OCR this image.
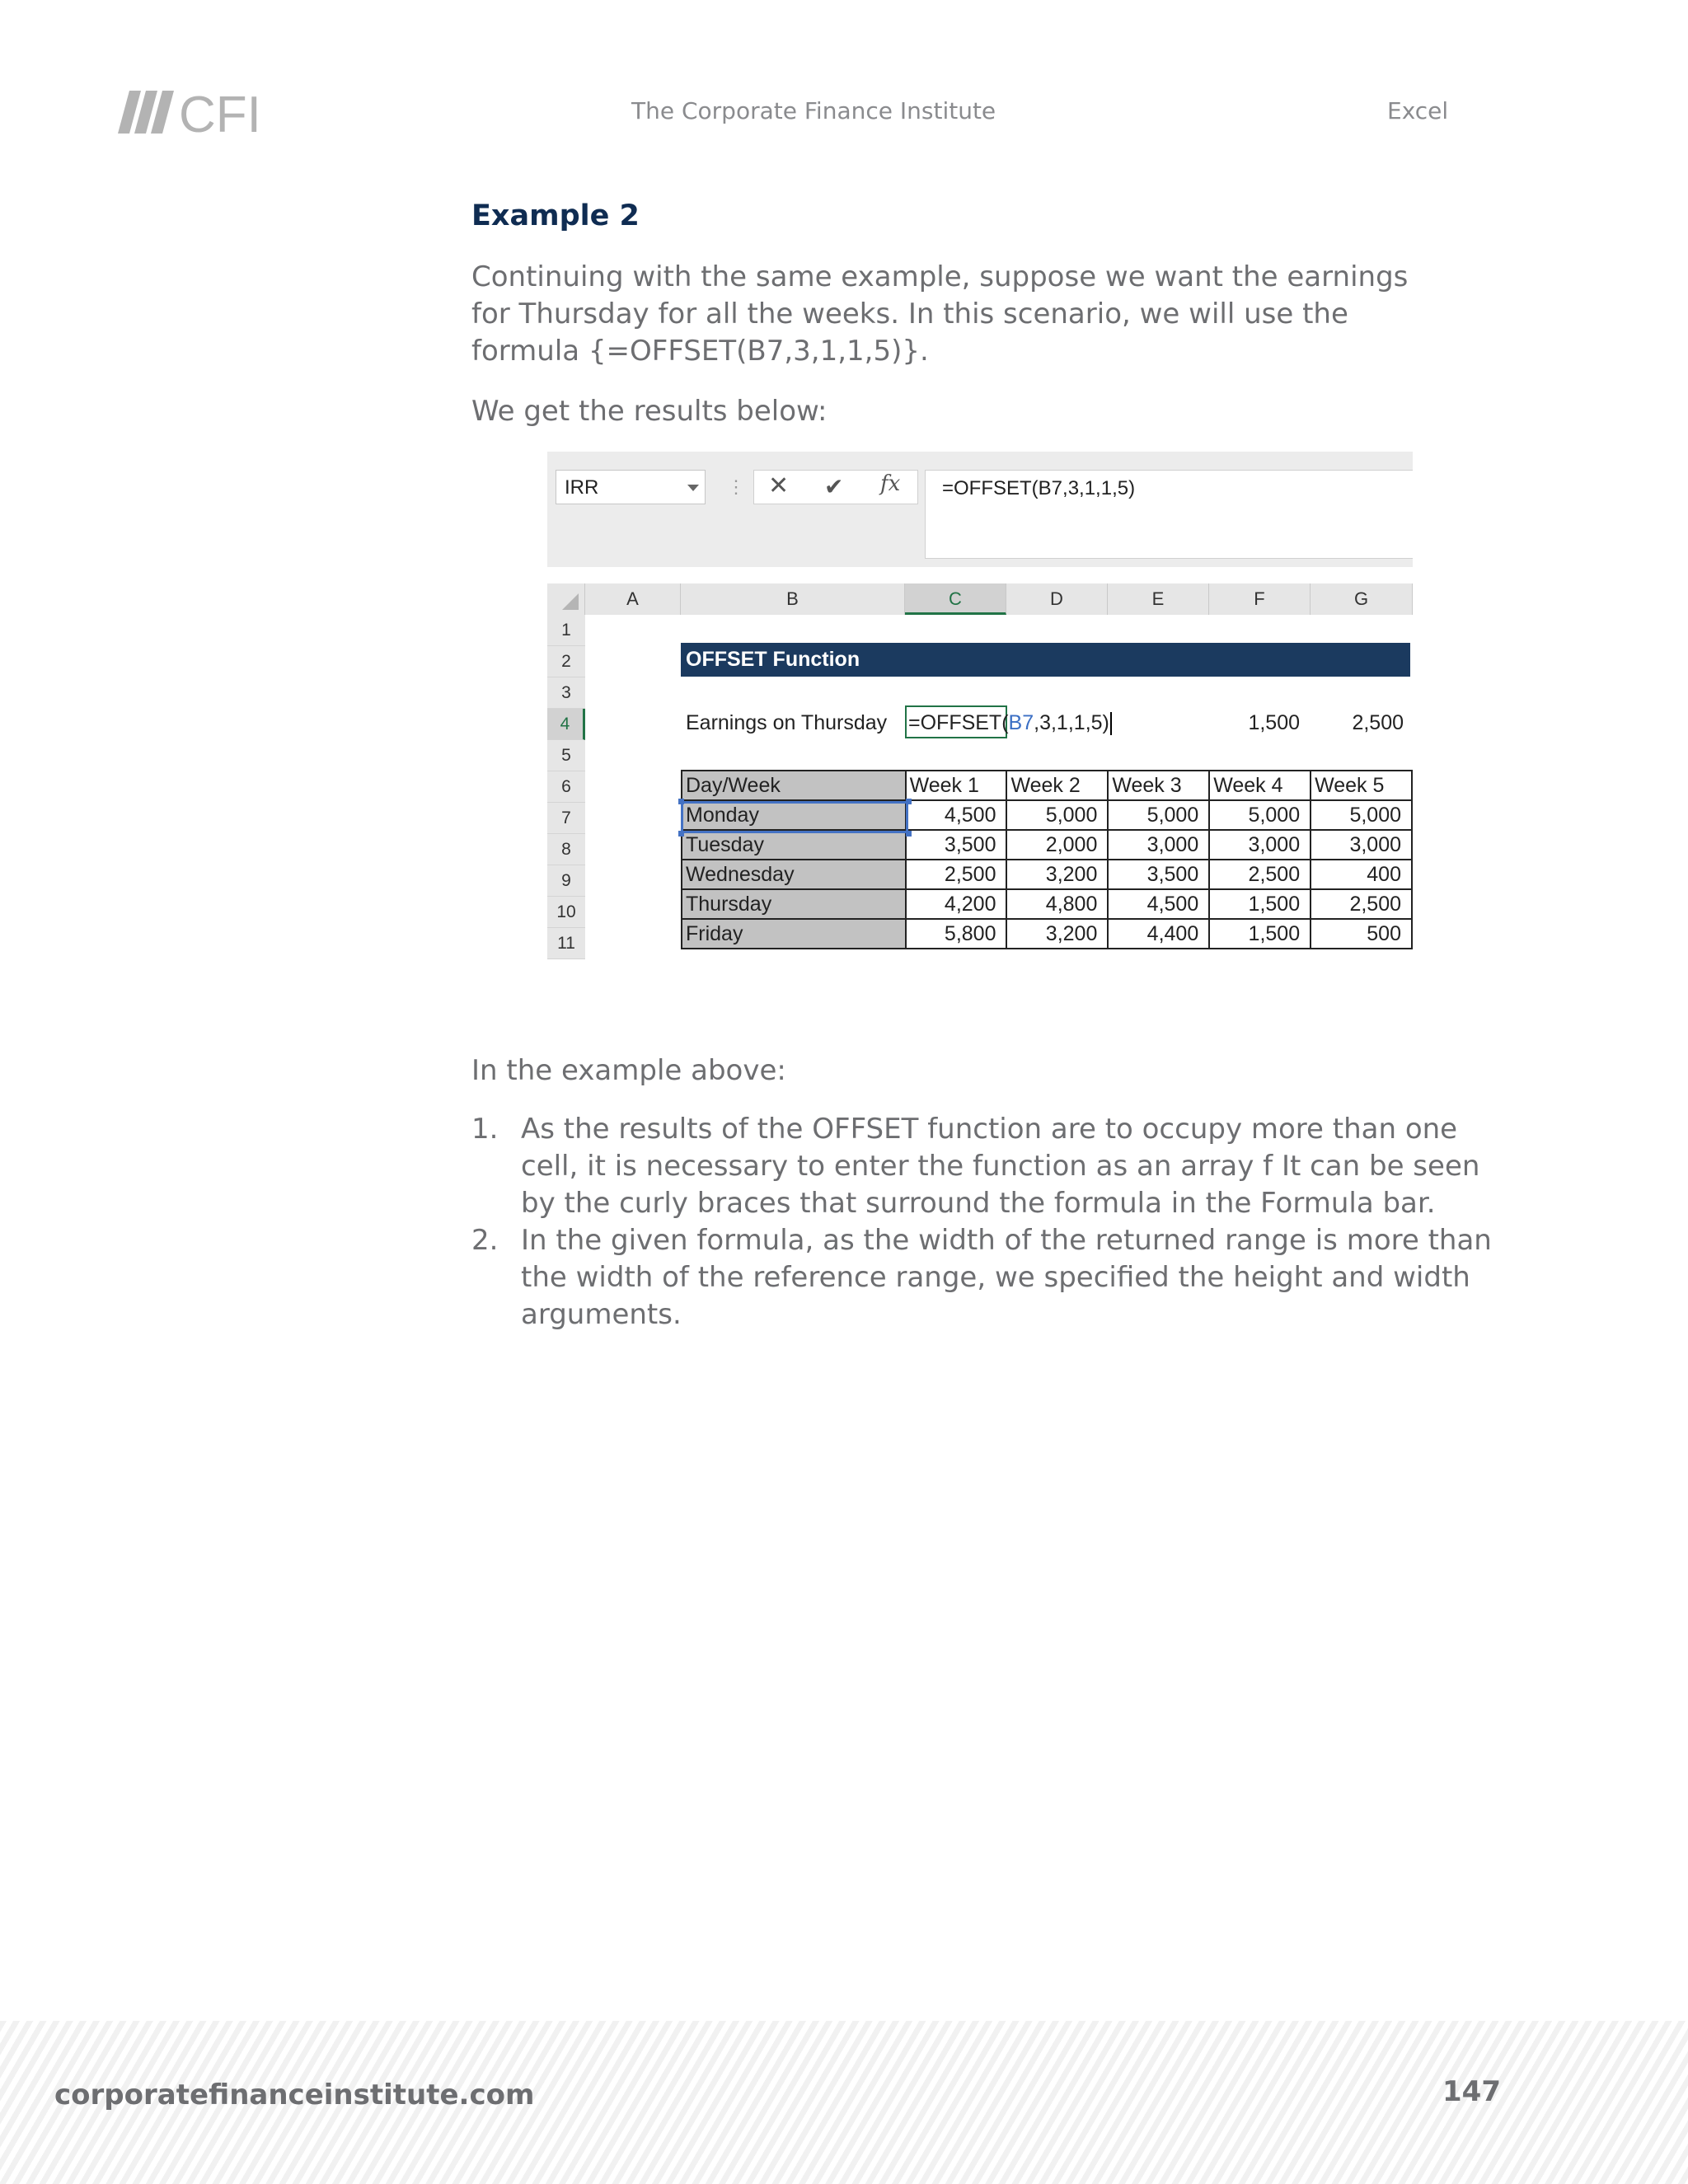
CFI	The Corporate Finance Institute	Excel
Example 2
Continuing with the same example, suppose we want the earnings for Thursday for all the weeks. In this scenario, we will use the formula {=OFFSET(B7,3,1,1,5)}.
We get the results below:
IRR	⋮ ✕ ✔ fx	=OFFSET(B7,3,1,1,5)
A	B	C	D	E	F	G
1
2
3
4
5
6
7
8
9
10
11
OFFSET Function
Earnings on Thursday =OFFSET(B7,3,1,1,5)	1,500	2,500
Day/Week	Week 1	Week 2	Week 3	Week 4	Week 5
Monday	4,500	5,000	5,000	5,000	5,000
Tuesday	3,500	2,000	3,000	3,000	3,000
Wednesday	2,500	3,200	3,500	2,500	400
Thursday	4,200	4,800	4,500	1,500	2,500
Friday	5,800	3,200	4,400	1,500	500
In the example above:
1. As the results of the OFFSET function are to occupy more than one cell, it is necessary to enter the function as an array f It can be seen by the curly braces that surround the formula in the Formula bar.
2. In the given formula, as the width of the returned range is more than the width of the reference range, we specified the height and width arguments.
corporatefinanceinstitute.com	147
